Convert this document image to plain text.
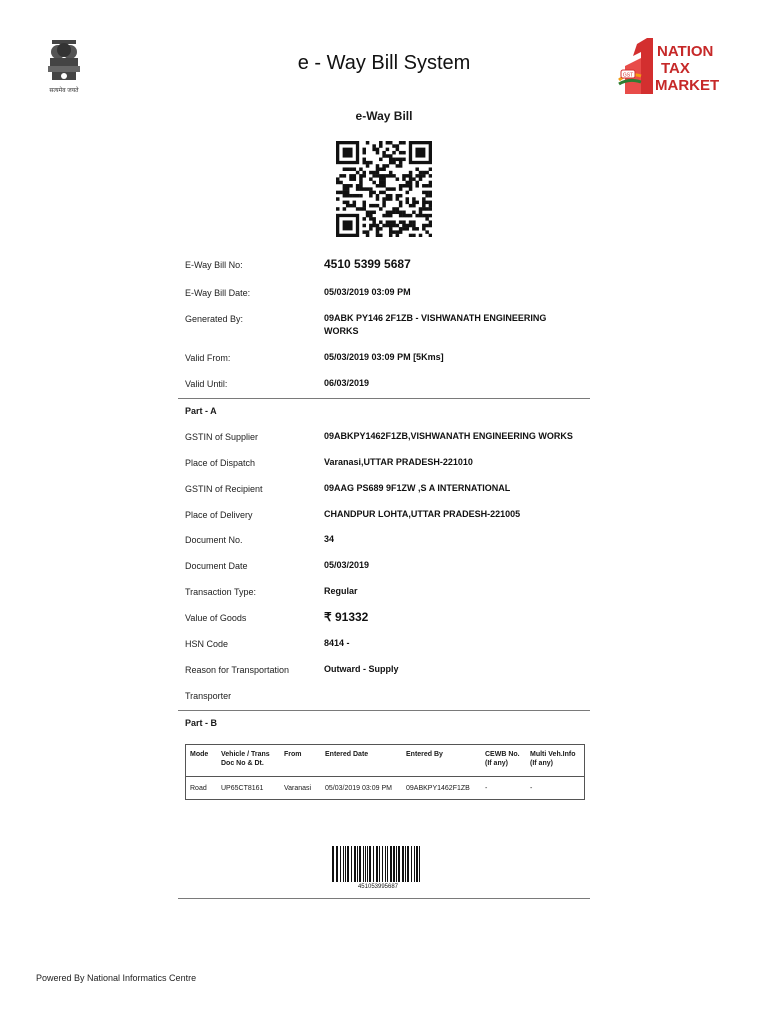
सत्यमेव जयते
e - Way Bill System
GST
NATION
TAX
MARKET
e-Way Bill
E-Way Bill No:	4510 5399 5687
E-Way Bill Date:	05/03/2019 03:09 PM
Generated By:	09ABK PY146 2F1ZB - VISHWANATH ENGINEERING WORKS
Valid From:	05/03/2019 03:09 PM [5Kms]
Valid Until:	06/03/2019
Part - A
GSTIN of Supplier	09ABKPY1462F1ZB,VISHWANATH ENGINEERING WORKS
Place of Dispatch	Varanasi,UTTAR PRADESH-221010
GSTIN of Recipient	09AAG PS689 9F1ZW ,S A INTERNATIONAL
Place of Delivery	CHANDPUR LOHTA,UTTAR PRADESH-221005
Document No.	34
Document Date	05/03/2019
Transaction Type:	Regular
Value of Goods	₹ 91332
HSN Code	8414 -
Reason for Transportation	Outward - Supply
Transporter
Part - B
Mode	Vehicle / Trans Doc No & Dt.	From	Entered Date	Entered By	CEWB No. (If any)	Multi Veh.Info (If any)
Road	UP65CT8161	Varanasi	05/03/2019 03:09 PM	09ABKPY1462F1ZB	-	-
451053995687
Powered By National Informatics Centre
